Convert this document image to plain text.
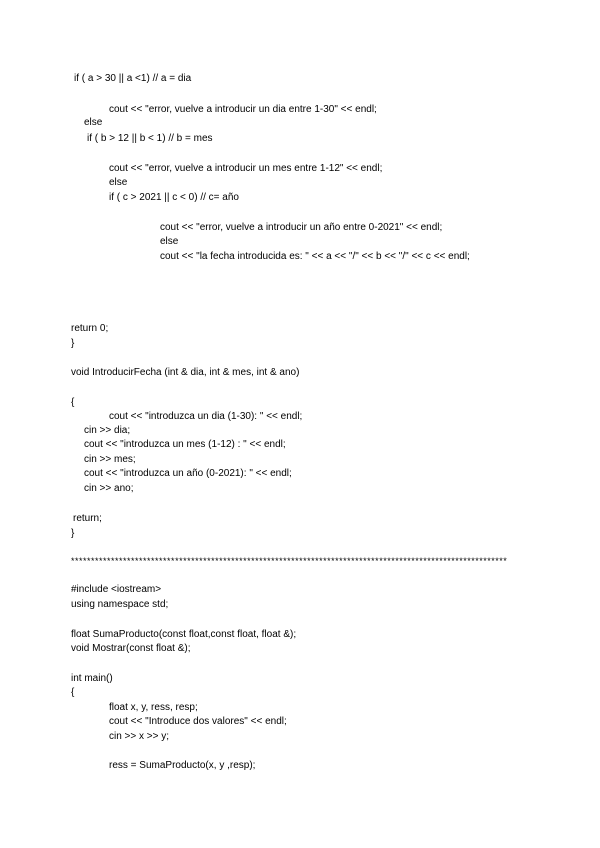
if ( a > 30 || a <1) // a = dia
cout << "error, vuelve a introducir un dia entre 1-30" << endl;
else
if ( b > 12 || b < 1) // b = mes
cout << "error, vuelve a introducir un mes entre 1-12" << endl;
else
if ( c > 2021 || c < 0) // c= año
cout << "error, vuelve a introducir un año entre 0-2021" << endl;
else
cout << "la fecha introducida es: " << a << "/" << b << "/" << c << endl;
return 0;
}
void IntroducirFecha (int & dia, int & mes, int & ano)
{
cout << "introduzca un dia (1-30): " << endl;
cin >> dia;
cout << "introduzca un mes (1-12) : " << endl;
cin >> mes;
cout << "introduzca un año (0-2021): " << endl;
cin >> ano;
return;
}
*************************************************************************************************************
#include <iostream>
using namespace std;
float SumaProducto(const float,const float, float &);
void Mostrar(const float &);
int main()
{
float x, y, ress, resp;
cout << "Introduce dos valores" << endl;
cin >> x >> y;
ress = SumaProducto(x, y ,resp);
